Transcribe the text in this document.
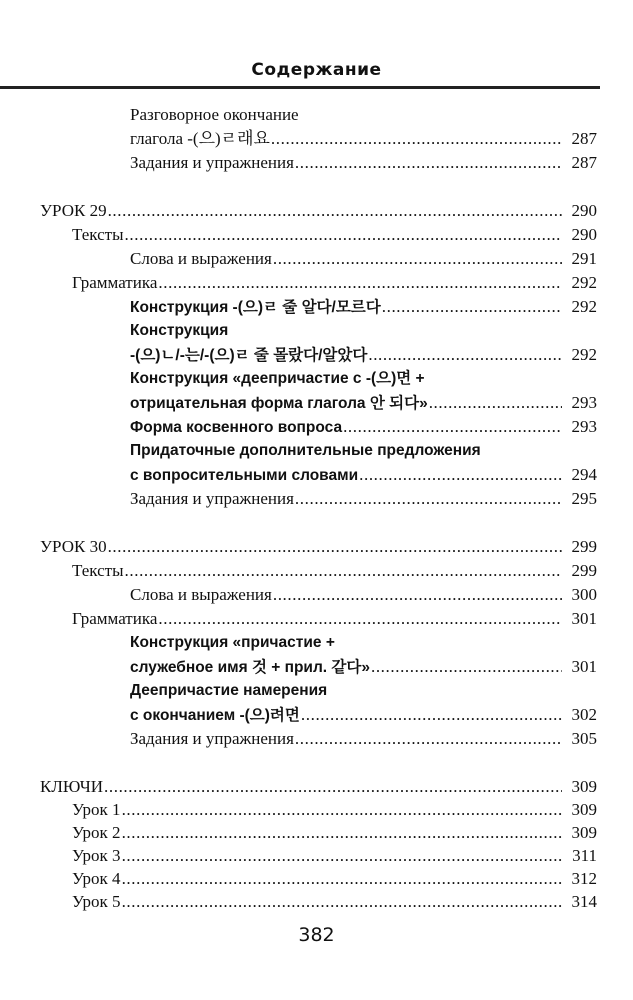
Содержание
Разговорное окончание
глагола -(으)ㄹ래요 .....	287
Задания и упражнения .....	287
УРОК 29 .....	290
Тексты .....	290
Слова и выражения .....	291
Грамматика .....	292
Конструкция -(으)ㄹ 줄 알다/모르다 .....	292
Конструкция
-(으)ㄴ/-는/-(으)ㄹ 줄 몰랐다/알았다 .....	292
Конструкция «деепричастие с -(으)면 +
отрицательная форма глагола 안 되다» .....	293
Форма косвенного вопроса .....	293
Придаточные дополнительные предложения
с вопросительными словами .....	294
Задания и упражнения .....	295
УРОК 30 .....	299
Тексты .....	299
Слова и выражения .....	300
Грамматика .....	301
Конструкция «причастие +
служебное имя 것 + прил. 같다» .....	301
Деепричастие намерения
с окончанием -(으)려면 .....	302
Задания и упражнения .....	305
КЛЮЧИ .....	309
Урок 1 .....	309
Урок 2 .....	309
Урок 3 .....	311
Урок 4 .....	312
Урок 5 .....	314
382
